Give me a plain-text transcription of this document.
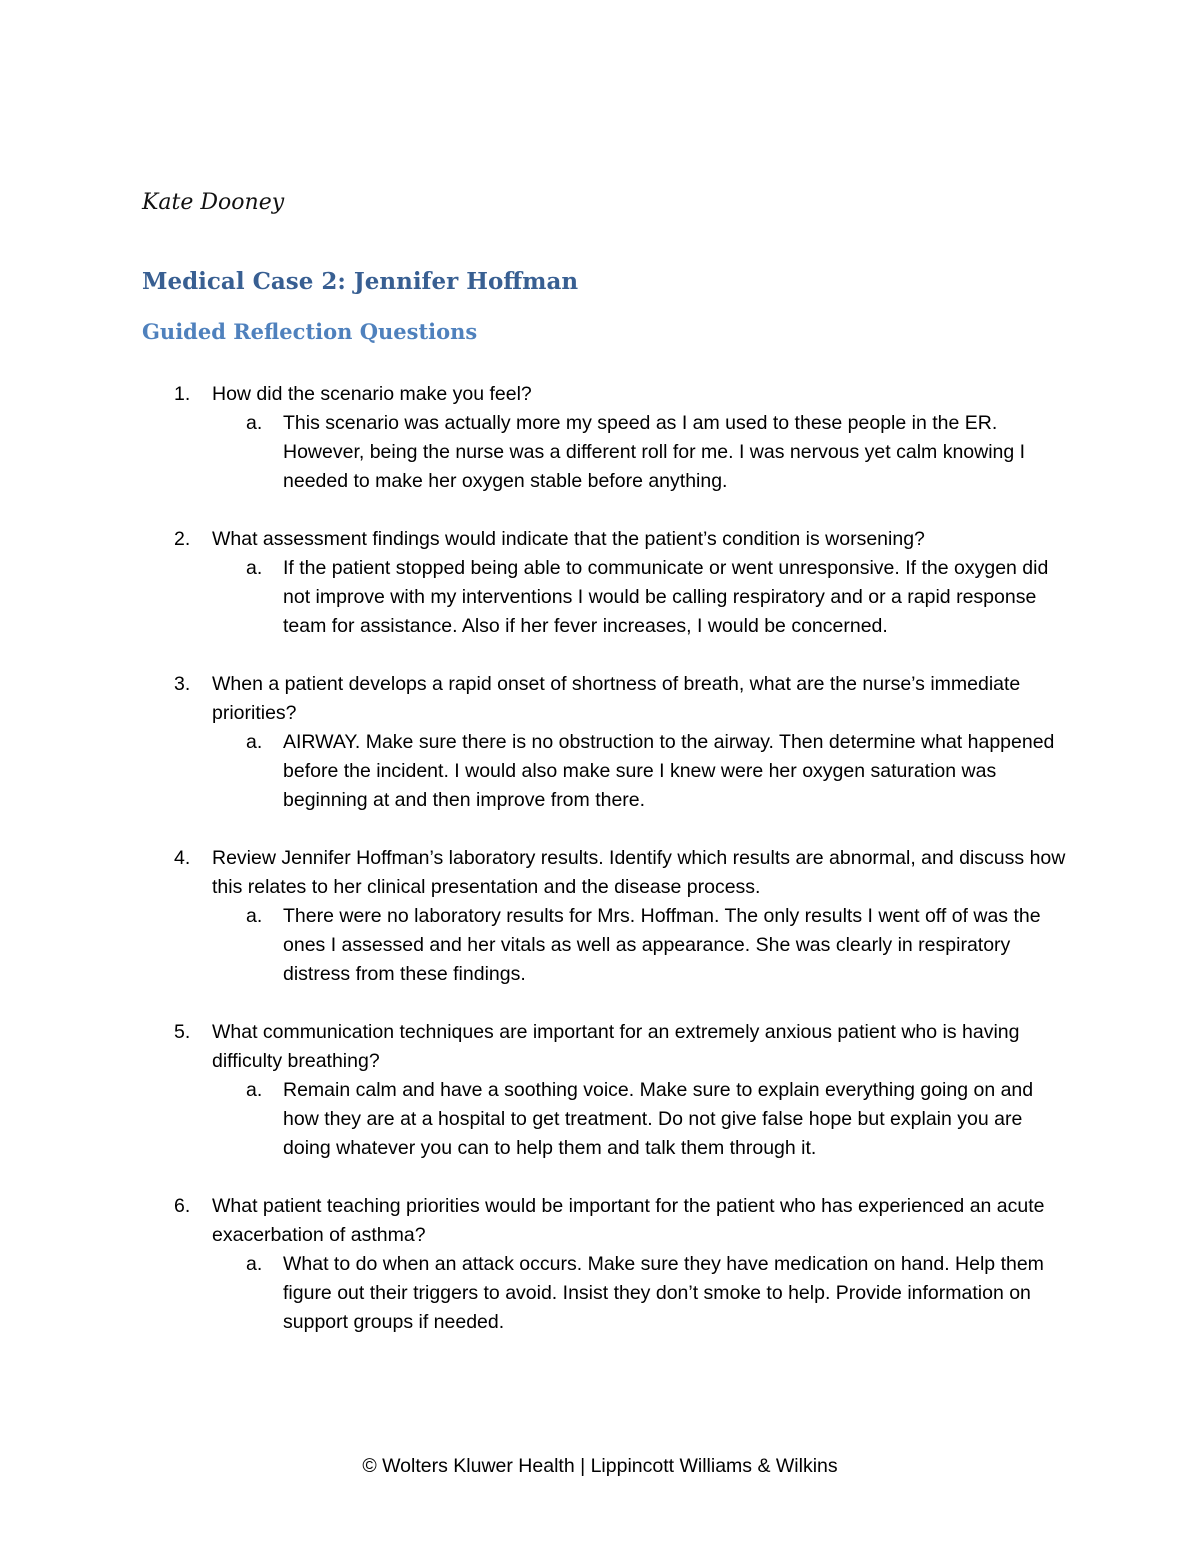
Kate Dooney

Medical Case 2: Jennifer Hoffman
Guided Reflection Questions
1. How did the scenario make you feel?
a. This scenario was actually more my speed as I am used to these people in the ER. However, being the nurse was a different roll for me. I was nervous yet calm knowing I needed to make her oxygen stable before anything.
2. What assessment findings would indicate that the patient’s condition is worsening?
a. If the patient stopped being able to communicate or went unresponsive. If the oxygen did not improve with my interventions I would be calling respiratory and or a rapid response team for assistance. Also if her fever increases, I would be concerned.
3. When a patient develops a rapid onset of shortness of breath, what are the nurse’s immediate priorities?
a. AIRWAY. Make sure there is no obstruction to the airway. Then determine what happened before the incident. I would also make sure I knew were her oxygen saturation was beginning at and then improve from there.
4. Review Jennifer Hoffman’s laboratory results. Identify which results are abnormal, and discuss how this relates to her clinical presentation and the disease process.
a. There were no laboratory results for Mrs. Hoffman. The only results I went off of was the ones I assessed and her vitals as well as appearance. She was clearly in respiratory distress from these findings.
5. What communication techniques are important for an extremely anxious patient who is having difficulty breathing?
a. Remain calm and have a soothing voice. Make sure to explain everything going on and how they are at a hospital to get treatment. Do not give false hope but explain you are doing whatever you can to help them and talk them through it.
6. What patient teaching priorities would be important for the patient who has experienced an acute exacerbation of asthma?
a. What to do when an attack occurs. Make sure they have medication on hand. Help them figure out their triggers to avoid. Insist they don’t smoke to help. Provide information on support groups if needed.

© Wolters Kluwer Health | Lippincott Williams & Wilkins
